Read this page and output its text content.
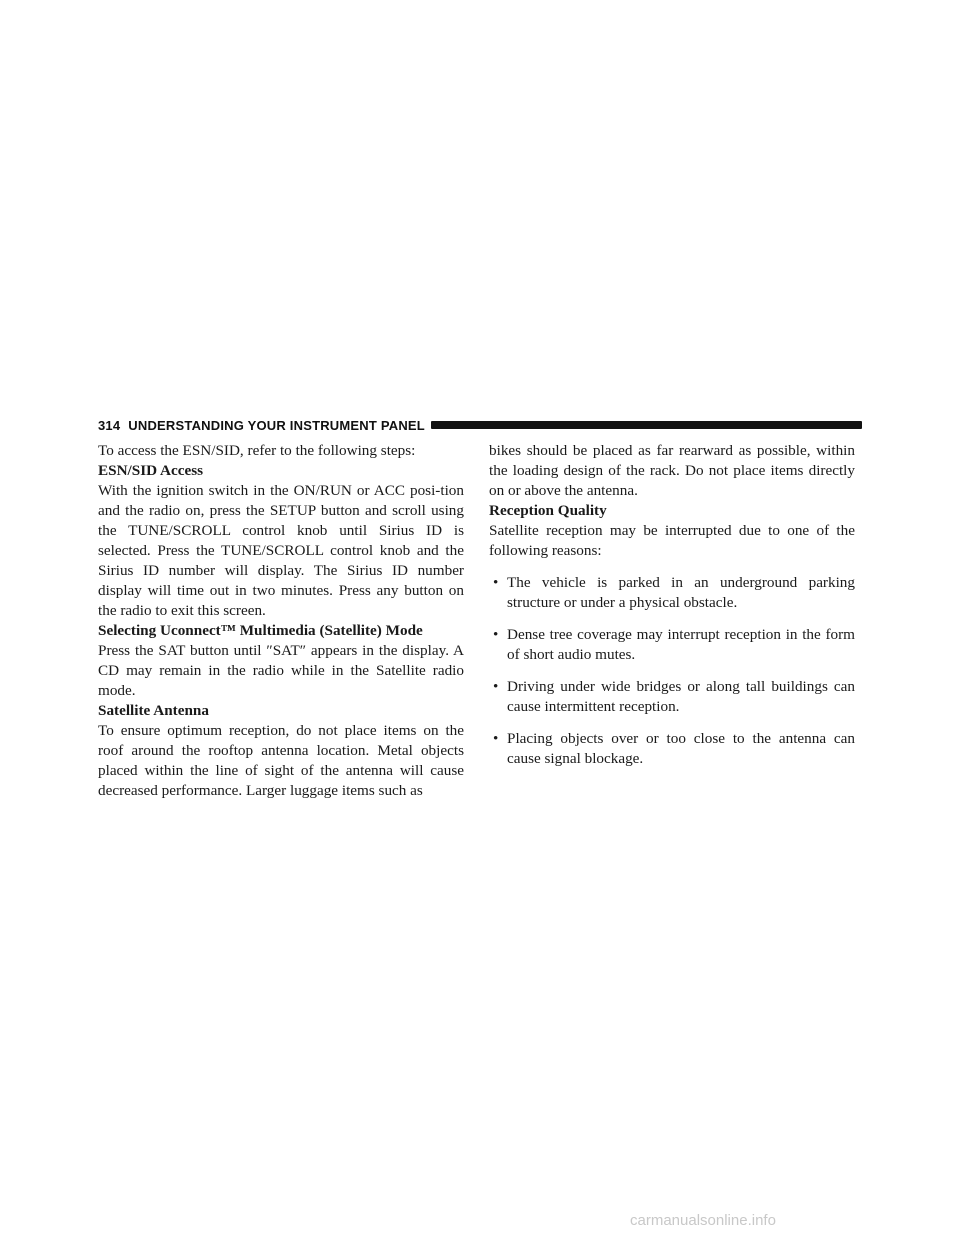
314 UNDERSTANDING YOUR INSTRUMENT PANEL

To access the ESN/SID, refer to the following steps:

ESN/SID Access

With the ignition switch in the ON/RUN or ACC posi-tion and the radio on, press the SETUP button and scroll using the TUNE/SCROLL control knob until Sirius ID is selected. Press the TUNE/SCROLL control knob and the Sirius ID number will display. The Sirius ID number display will time out in two minutes. Press any button on the radio to exit this screen.

Selecting Uconnect™ Multimedia (Satellite) Mode

Press the SAT button until ″SAT″ appears in the display. A CD may remain in the radio while in the Satellite radio mode.

Satellite Antenna

To ensure optimum reception, do not place items on the roof around the rooftop antenna location. Metal objects placed within the line of sight of the antenna will cause decreased performance. Larger luggage items such as

bikes should be placed as far rearward as possible, within the loading design of the rack. Do not place items directly on or above the antenna.

Reception Quality

Satellite reception may be interrupted due to one of the following reasons:

• The vehicle is parked in an underground parking structure or under a physical obstacle.
• Dense tree coverage may interrupt reception in the form of short audio mutes.
• Driving under wide bridges or along tall buildings can cause intermittent reception.
• Placing objects over or too close to the antenna can cause signal blockage.
carmanualsonline.info
